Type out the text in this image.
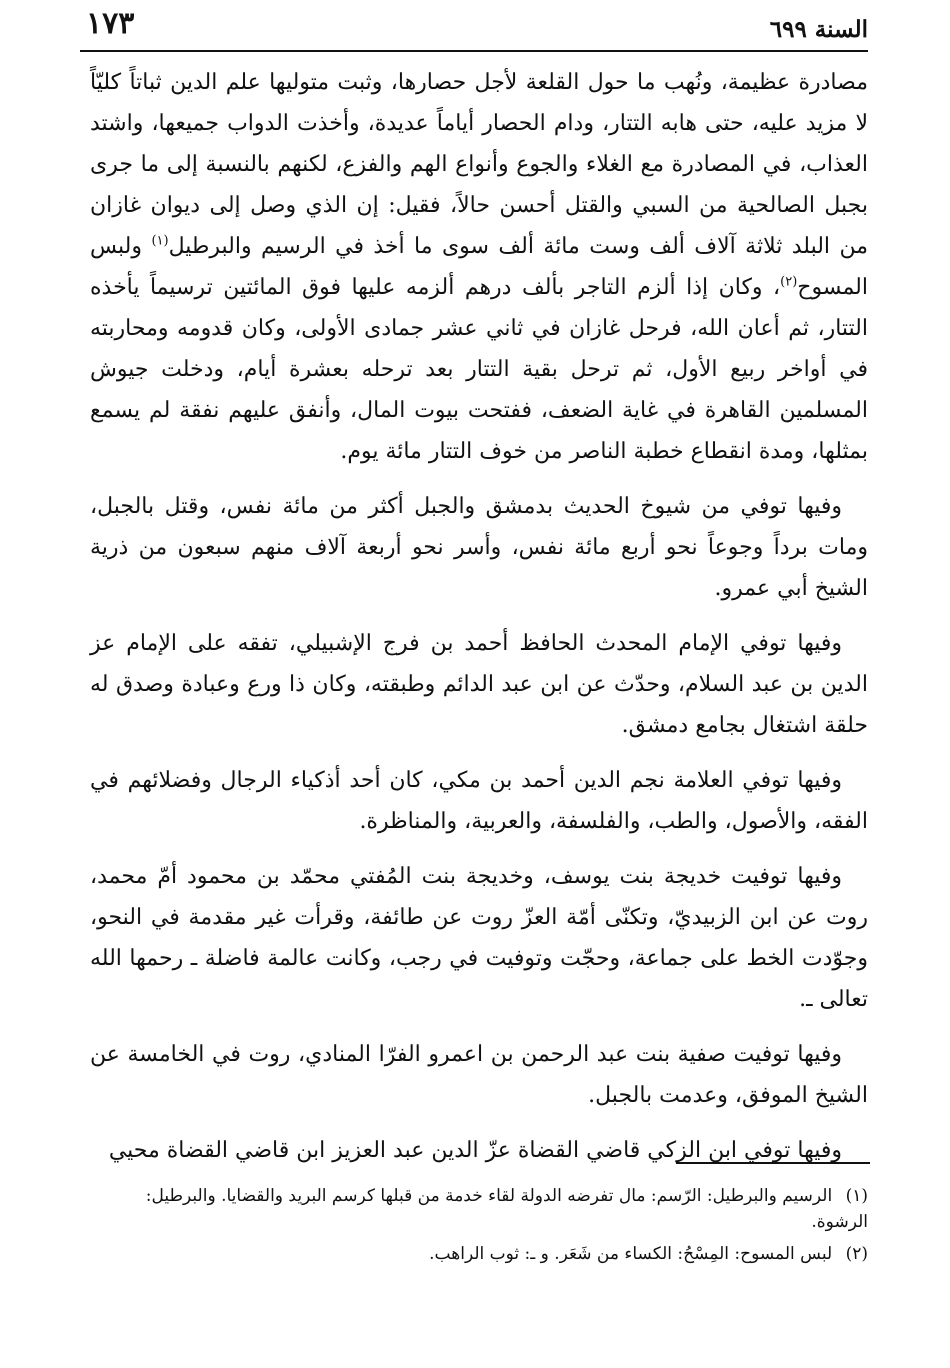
١٧٣	السنة ٦٩٩

مصادرة عظيمة، ونُهب ما حول القلعة لأجل حصارها، وثبت متوليها علم الدين ثباتاً كليّاً لا مزيد عليه، حتى هابه التتار، ودام الحصار أياماً عديدة، وأخذت الدواب جميعها، واشتد العذاب، في المصادرة مع الغلاء والجوع وأنواع الهم والفزع، لكنهم بالنسبة إلى ما جرى بجبل الصالحية من السبي والقتل أحسن حالاً، فقيل: إن الذي وصل إلى ديوان غازان من البلد ثلاثة آلاف ألف وست مائة ألف سوى ما أخذ في الرسيم والبرطيل$^{(١)}$ ولبس المسوح$^{(٢)}$، وكان إذا ألزم التاجر بألف درهم ألزمه عليها فوق المائتين ترسيماً يأخذه التتار، ثم أعان الله، فرحل غازان في ثاني عشر جمادى الأولى، وكان قدومه ومحاربته في أواخر ربيع الأول، ثم ترحل بقية التتار بعد ترحله بعشرة أيام، ودخلت جيوش المسلمين القاهرة في غاية الضعف، ففتحت بيوت المال، وأنفق عليهم نفقة لم يسمع بمثلها، ومدة انقطاع خطبة الناصر من خوف التتار مائة يوم.

وفيها توفي من شيوخ الحديث بدمشق والجبل أكثر من مائة نفس، وقتل بالجبل، ومات برداً وجوعاً نحو أربع مائة نفس، وأسر نحو أربعة آلاف منهم سبعون من ذرية الشيخ أبي عمرو.

وفيها توفي الإمام المحدث الحافظ أحمد بن فرج الإشبيلي، تفقه على الإمام عز الدين بن عبد السلام، وحدّث عن ابن عبد الدائم وطبقته، وكان ذا ورع وعبادة وصدق له حلقة اشتغال بجامع دمشق.

وفيها توفي العلامة نجم الدين أحمد بن مكي، كان أحد أذكياء الرجال وفضلائهم في الفقه، والأصول، والطب، والفلسفة، والعربية، والمناظرة.

وفيها توفيت خديجة بنت يوسف، وخديجة بنت المُفتي محمّد بن محمود أمّ محمد، روت عن ابن الزبيديّ، وتكنّى أمّة العزّ روت عن طائفة، وقرأت غير مقدمة في النحو، وجوّدت الخط على جماعة، وحجّت وتوفيت في رجب، وكانت عالمة فاضلة ـ رحمها الله تعالى ـ.

وفيها توفيت صفية بنت عبد الرحمن بن اعمرو الفرّا المنادي، روت في الخامسة عن الشيخ الموفق، وعدمت بالجبل.

وفيها توفي ابن الزكي قاضي القضاة عزّ الدين عبد العزيز ابن قاضي القضاة محيي

(١) الرسيم والبرطيل: الرّسم: مال تفرضه الدولة لقاء خدمة من قبلها كرسم البريد والقضايا. والبرطيل: الرشوة.
(٢) لبس المسوح: المِسْحُ: الكساء من شَعَر. و ـ: ثوب الراهب.
